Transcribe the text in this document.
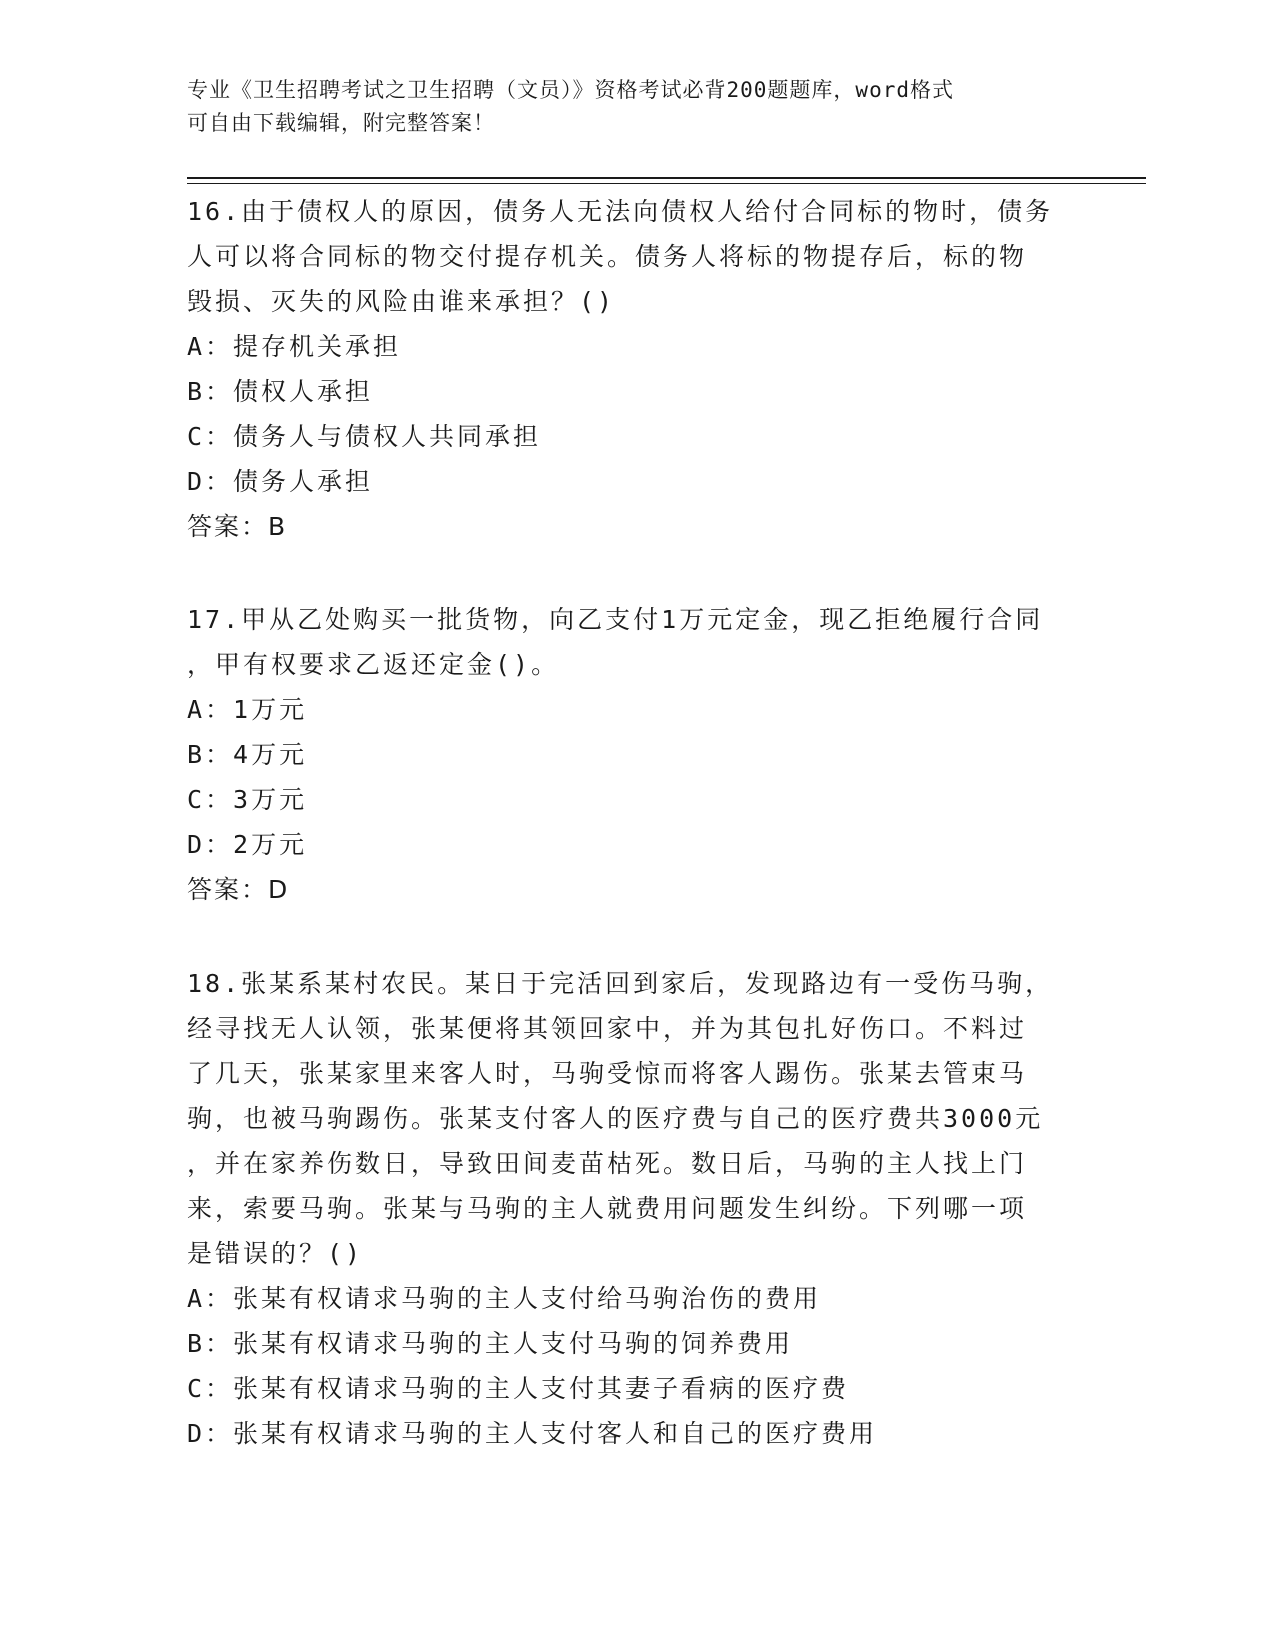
专业《卫生招聘考试之卫生招聘（文员）》资格考试必背200题题库，word格式
可自由下载编辑，附完整答案！
16.由于债权人的原因，债务人无法向债权人给付合同标的物时，债务
人可以将合同标的物交付提存机关。债务人将标的物提存后，标的物
毁损、灭失的风险由谁来承担？()
A：提存机关承担
B：债权人承担
C：债务人与债权人共同承担
D：债务人承担
答案：B
17.甲从乙处购买一批货物，向乙支付1万元定金，现乙拒绝履行合同
，甲有权要求乙返还定金()。
A：1万元
B：4万元
C：3万元
D：2万元
答案：D
18.张某系某村农民。某日于完活回到家后，发现路边有一受伤马驹，
经寻找无人认领，张某便将其领回家中，并为其包扎好伤口。不料过
了几天，张某家里来客人时，马驹受惊而将客人踢伤。张某去管束马
驹，也被马驹踢伤。张某支付客人的医疗费与自己的医疗费共3000元
，并在家养伤数日，导致田间麦苗枯死。数日后，马驹的主人找上门
来，索要马驹。张某与马驹的主人就费用问题发生纠纷。下列哪一项
是错误的？()
A：张某有权请求马驹的主人支付给马驹治伤的费用
B：张某有权请求马驹的主人支付马驹的饲养费用
C：张某有权请求马驹的主人支付其妻子看病的医疗费
D：张某有权请求马驹的主人支付客人和自己的医疗费用
